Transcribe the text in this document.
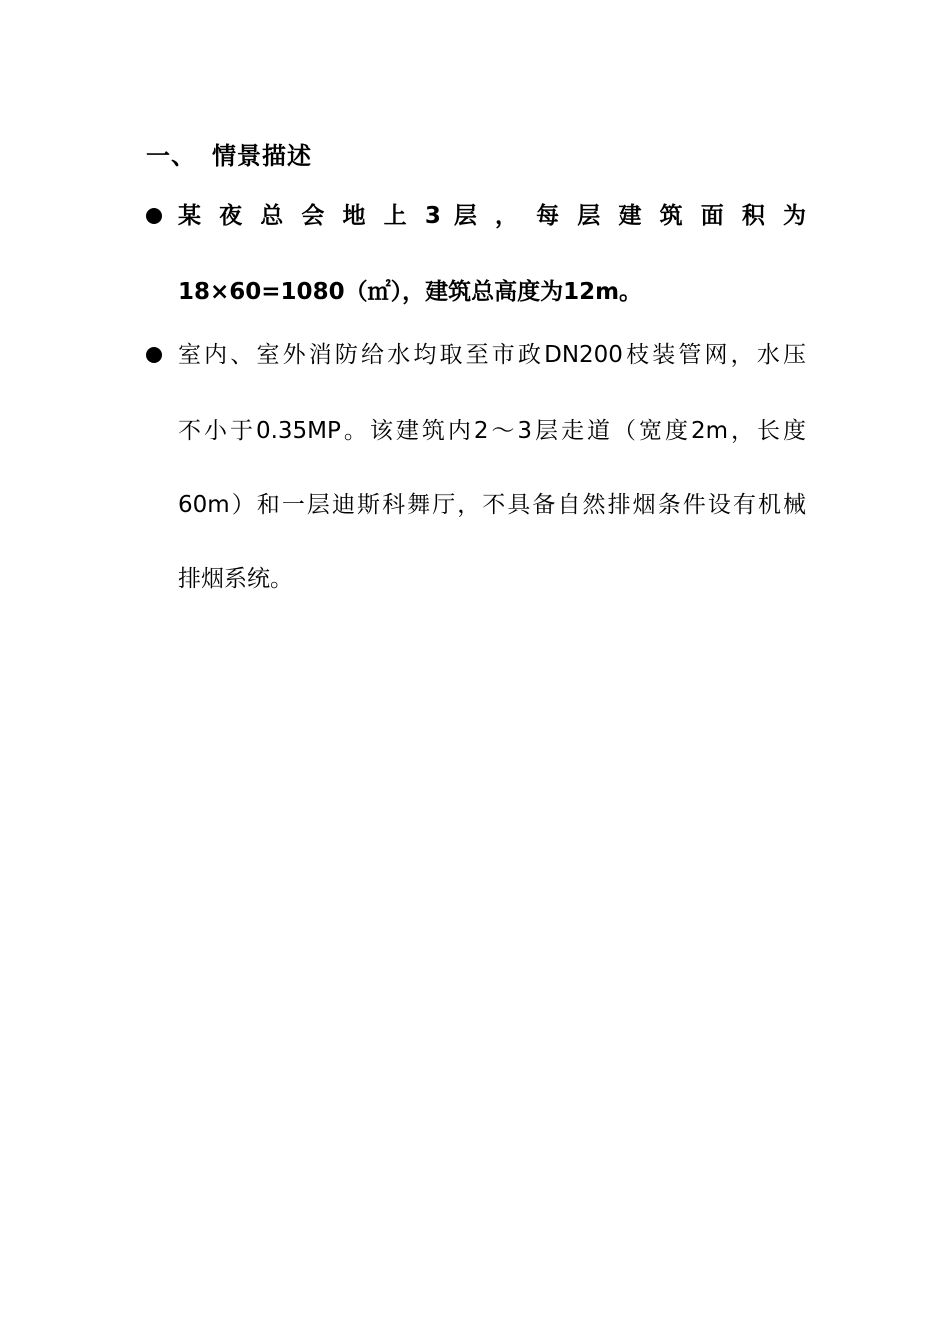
一、 情景描述
某 夜 总 会 地 上 3 层 ， 每 层 建 筑 面 积 为
18×60=1080（㎡），建筑总高度为12m。
室内、室外消防给水均取至市政DN200枝装管网，水压
不小于0.35MP。该建筑内2～3层走道（宽度2m，长度
60m）和一层迪斯科舞厅，不具备自然排烟条件设有机械
排烟系统。
